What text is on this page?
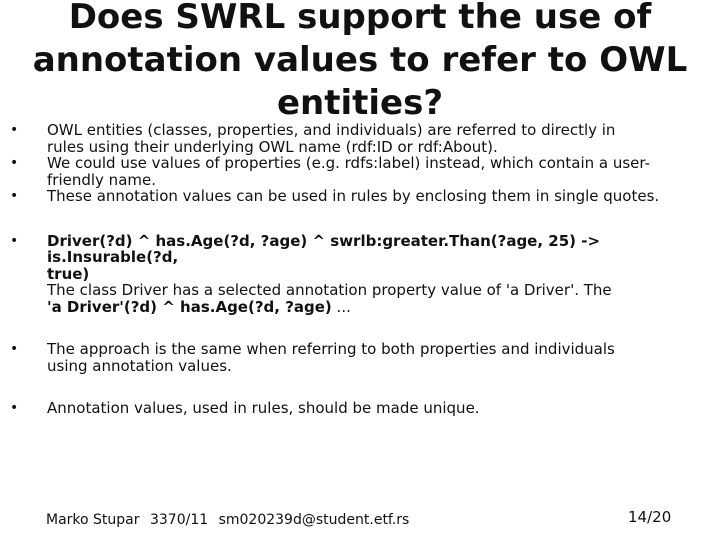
Does SWRL support the use of
annotation values to refer to OWL
entities?
• OWL entities (classes, properties, and individuals) are referred to directly in
rules using their underlying OWL name (rdf:ID or rdf:About).
• We could use values of properties (e.g. rdfs:label) instead, which contain a user-
friendly name.
• These annotation values can be used in rules by enclosing them in single quotes.
• Driver(?d) ^ has.Age(?d, ?age) ^ swrlb:greater.Than(?age, 25) -> is.Insurable(?d,
true)
The class Driver has a selected annotation property value of 'a Driver'. The
'a Driver'(?d) ^ has.Age(?d, ?age) ...
• The approach is the same when referring to both properties and individuals
using annotation values.
• Annotation values, used in rules, should be made unique.
Marko Stupar 3370/11 sm020239d@student.etf.rs	14/20
